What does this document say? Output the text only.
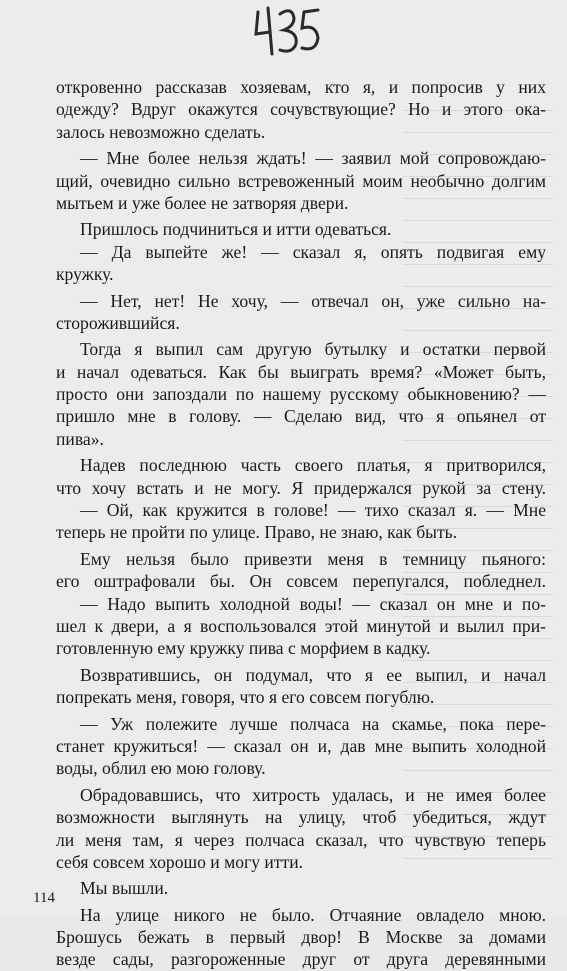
откровенно рассказав хозяевам, кто я, и попросив у них
одежду? Вдруг окажутся сочувствующие? Но и этого ока-
залось невозможно сделать.
— Мне более нельзя ждать! — заявил мой сопровождаю-
щий, очевидно сильно встревоженный моим необычно долгим
мытьем и уже более не затворяя двери.
Пришлось подчиниться и итти одеваться.
— Да выпейте же! — сказал я, опять подвигая ему
кружку.
— Нет, нет! Не хочу, — отвечал он, уже сильно на-
сторожившийся.
Тогда я выпил сам другую бутылку и остатки первой
и начал одеваться. Как бы выиграть время? «Может быть,
просто они запоздали по нашему русскому обыкновению? —
пришло мне в голову. — Сделаю вид, что я опьянел от
пива».
Надев последнюю часть своего платья, я притворился,
что хочу встать и не могу. Я придержался рукой за стену.
— Ой, как кружится в голове! — тихо сказал я. — Мне
теперь не пройти по улице. Право, не знаю, как быть.
Ему нельзя было привезти меня в темницу пьяного:
его оштрафовали бы. Он совсем перепугался, побледнел.
— Надо выпить холодной воды! — сказал он мне и по-
шел к двери, а я воспользовался этой минутой и вылил при-
готовленную ему кружку пива с морфием в кадку.
Возвратившись, он подумал, что я ее выпил, и начал
попрекать меня, говоря, что я его совсем погублю.
— Уж полежите лучше полчаса на скамье, пока пере-
станет кружиться! — сказал он и, дав мне выпить холодной
воды, облил ею мою голову.
Обрадовавшись, что хитрость удалась, и не имея более
возможности выглянуть на улицу, чтоб убедиться, ждут
ли меня там, я через полчаса сказал, что чувствую теперь
себя совсем хорошо и могу итти.
Мы вышли.
На улице никого не было. Отчаяние овладело мною.
Брошусь бежать в первый двор! В Москве за домами
везде сады, разгороженные друг от друга деревянными
114
